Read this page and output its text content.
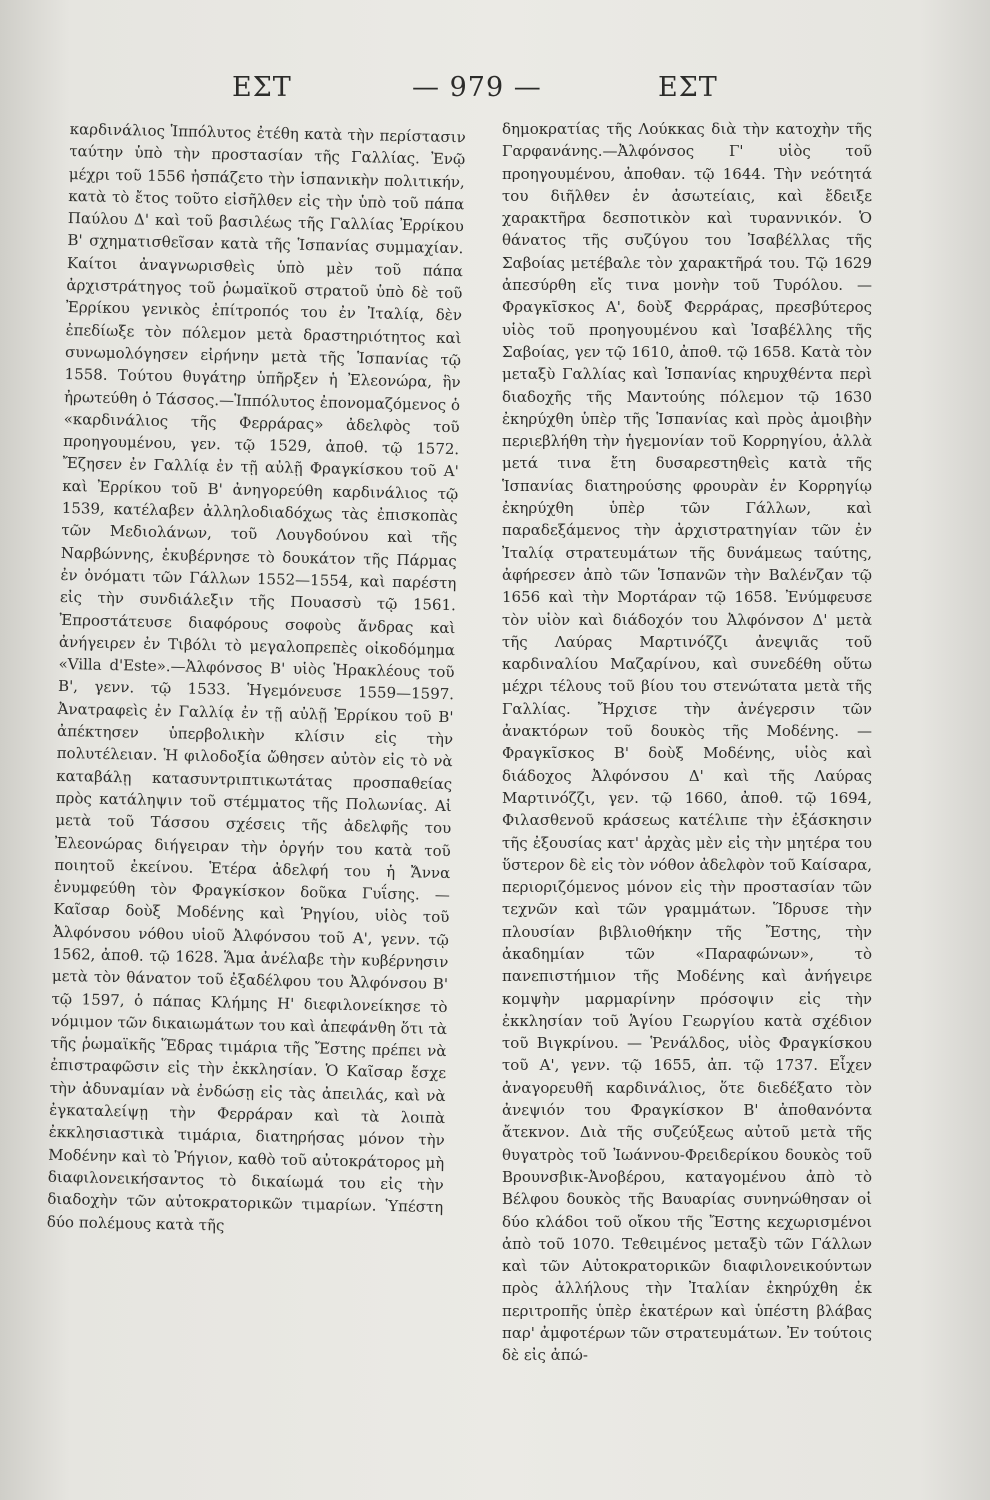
ΕΣΤ	— 979 —	ΕΣΤ

καρδινάλιος Ἱππόλυτος ἐτέθη κατὰ τὴν περίστασιν ταύτην ὑπὸ τὴν προστασίαν τῆς Γαλλίας. Ἐνῷ μέχρι τοῦ 1556 ἠσπάζετο τὴν ἱσπανικὴν πολιτικήν, κατὰ τὸ ἔτος τοῦτο εἰσῆλθεν εἰς τὴν ὑπὸ τοῦ πάπα Παύλου Δ' καὶ τοῦ βασιλέως τῆς Γαλλίας Ἐρρίκου Β' σχηματισθεῖσαν κατὰ τῆς Ἱσπανίας συμμαχίαν. Καίτοι ἀναγνωρισθεὶς ὑπὸ μὲν τοῦ πάπα ἀρχιστράτηγος τοῦ ῥωμαϊκοῦ στρατοῦ ὑπὸ δὲ τοῦ Ἐρρίκου γενικὸς ἐπίτροπός του ἐν Ἰταλίᾳ, δὲν ἐπεδίωξε τὸν πόλεμον μετὰ δραστηριότητος καὶ συνωμολόγησεν εἰρήνην μετὰ τῆς Ἱσπανίας τῷ 1558. Τούτου θυγάτηρ ὑπῆρξεν ἡ Ἐλεονώρα, ἣν ἠρωτεύθη ὁ Τάσσος.—Ἱππόλυτος ἐπονομαζόμενος ὁ «καρδινάλιος τῆς Φερράρας» ἀδελφὸς τοῦ προηγουμένου, γεν. τῷ 1529, ἀποθ. τῷ 1572. Ἔζησεν ἐν Γαλλίᾳ ἐν τῇ αὐλῇ Φραγκίσκου τοῦ Α' καὶ Ἐρρίκου τοῦ Β' ἀνηγορεύθη καρδινάλιος τῷ 1539, κατέλαβεν ἀλληλοδιαδόχως τὰς ἐπισκοπὰς τῶν Μεδιολάνων, τοῦ Λουγδούνου καὶ τῆς Ναρβώννης, ἐκυβέρνησε τὸ δουκάτον τῆς Πάρμας ἐν ὀνόματι τῶν Γάλλων 1552—1554, καὶ παρέστη εἰς τὴν συνδιάλεξιν τῆς Πουασσὺ τῷ 1561. Ἐπροστάτευσε διαφόρους σοφοὺς ἄνδρας καὶ ἀνήγειρεν ἐν Τιβόλι τὸ μεγαλοπρεπὲς οἰκοδόμημα «Villa d'Este».—Ἀλφόνσος Β' υἱὸς Ἡρακλέους τοῦ Β', γενν. τῷ 1533. Ἡγεμόνευσε 1559—1597. Ἀνατραφεὶς ἐν Γαλλίᾳ ἐν τῇ αὐλῇ Ἐρρίκου τοῦ Β' ἀπέκτησεν ὑπερβολικὴν κλίσιν εἰς τὴν πολυτέλειαν. Ἡ φιλοδοξία ὤθησεν αὐτὸν εἰς τὸ νὰ καταβάλῃ κατασυντριπτικωτάτας προσπαθείας πρὸς κατάληψιν τοῦ στέμματος τῆς Πολωνίας. Αἱ μετὰ τοῦ Τάσσου σχέσεις τῆς ἀδελφῆς του Ἐλεονώρας διήγειραν τὴν ὀργήν του κατὰ τοῦ ποιητοῦ ἐκείνου. Ἑτέρα ἀδελφή του ἡ Ἄννα ἐνυμφεύθη τὸν Φραγκίσκον δοῦκα Γυΐσης. — Καῖσαρ δοὺξ Μοδένης καὶ Ῥηγίου, υἱὸς τοῦ Ἀλφόνσου νόθου υἱοῦ Ἀλφόνσου τοῦ Α', γενν. τῷ 1562, ἀποθ. τῷ 1628. Ἅμα ἀνέλαβε τὴν κυβέρνησιν μετὰ τὸν θάνατον τοῦ ἐξαδέλφου του Ἀλφόνσου Β' τῷ 1597, ὁ πάπας Κλήμης Η' διεφιλονείκησε τὸ νόμιμον τῶν δικαιωμάτων του καὶ ἀπεφάνθη ὅτι τὰ τῆς ῥωμαϊκῆς Ἕδρας τιμάρια τῆς Ἔστης πρέπει νὰ ἐπιστραφῶσιν εἰς τὴν ἐκκλησίαν. Ὁ Καῖσαρ ἔσχε τὴν ἀδυναμίαν νὰ ἐνδώσῃ εἰς τὰς ἀπειλάς, καὶ νὰ ἐγκαταλείψῃ τὴν Φερράραν καὶ τὰ λοιπὰ ἐκκλησιαστικὰ τιμάρια, διατηρήσας μόνον τὴν Μοδένην καὶ τὸ Ῥήγιον, καθὸ τοῦ αὐτοκράτορος μὴ διαφιλονεικήσαντος τὸ δικαίωμά του εἰς τὴν διαδοχὴν τῶν αὐτοκρατορικῶν τιμαρίων. Ὑπέστη δύο πολέμους κατὰ τῆς

δημοκρατίας τῆς Λούκκας διὰ τὴν κατοχὴν τῆς Γαρφανάνης.—Ἀλφόνσος Γ' υἱὸς τοῦ προηγουμένου, ἀποθαν. τῷ 1644. Τὴν νεότητά του διῆλθεν ἐν ἀσωτείαις, καὶ ἔδειξε χαρακτῆρα δεσποτικὸν καὶ τυραννικόν. Ὁ θάνατος τῆς συζύγου του Ἰσαβέλλας τῆς Σαβοίας μετέβαλε τὸν χαρακτῆρά του. Τῷ 1629 ἀπεσύρθη εἴς τινα μονὴν τοῦ Τυρόλου. — Φραγκῖσκος Α', δοὺξ Φερράρας, πρεσβύτερος υἱὸς τοῦ προηγουμένου καὶ Ἰσαβέλλης τῆς Σαβοίας, γεν τῷ 1610, ἀποθ. τῷ 1658. Κατὰ τὸν μεταξὺ Γαλλίας καὶ Ἱσπανίας κηρυχθέντα περὶ διαδοχῆς τῆς Μαντούης πόλεμον τῷ 1630 ἐκηρύχθη ὑπὲρ τῆς Ἱσπανίας καὶ πρὸς ἀμοιβὴν περιεβλήθη τὴν ἡγεμονίαν τοῦ Κορρηγίου, ἀλλὰ μετά τινα ἔτη δυσαρεστηθεὶς κατὰ τῆς Ἱσπανίας διατηρούσης φρουρὰν ἐν Κορρηγίῳ ἐκηρύχθη ὑπὲρ τῶν Γάλλων, καὶ παραδεξάμενος τὴν ἀρχιστρατηγίαν τῶν ἐν Ἰταλίᾳ στρατευμάτων τῆς δυνάμεως ταύτης, ἀφήρεσεν ἀπὸ τῶν Ἱσπανῶν τὴν Βαλένζαν τῷ 1656 καὶ τὴν Μορτάραν τῷ 1658. Ἐνύμφευσε τὸν υἱὸν καὶ διάδοχόν του Ἀλφόνσον Δ' μετὰ τῆς Λαύρας Μαρτινόζζι ἀνεψιᾶς τοῦ καρδιναλίου Μαζαρίνου, καὶ συνεδέθη οὕτω μέχρι τέλους τοῦ βίου του στενώτατα μετὰ τῆς Γαλλίας. Ἤρχισε τὴν ἀνέγερσιν τῶν ἀνακτόρων τοῦ δουκὸς τῆς Μοδένης. — Φραγκῖσκος Β' δοὺξ Μοδένης, υἱὸς καὶ διάδοχος Ἀλφόνσου Δ' καὶ τῆς Λαύρας Μαρτινόζζι, γεν. τῷ 1660, ἀποθ. τῷ 1694, Φιλασθενοῦ κράσεως κατέλιπε τὴν ἐξάσκησιν τῆς ἐξουσίας κατ' ἀρχὰς μὲν εἰς τὴν μητέρα του ὕστερον δὲ εἰς τὸν νόθον ἀδελφὸν τοῦ Καίσαρα, περιοριζόμενος μόνον εἰς τὴν προστασίαν τῶν τεχνῶν καὶ τῶν γραμμάτων. Ἵδρυσε τὴν πλουσίαν βιβλιοθήκην τῆς Ἔστης, τὴν ἀκαδημίαν τῶν «Παραφώνων», τὸ πανεπιστήμιον τῆς Μοδένης καὶ ἀνήγειρε κομψὴν μαρμαρίνην πρόσοψιν εἰς τὴν ἐκκλησίαν τοῦ Ἁγίου Γεωργίου κατὰ σχέδιον τοῦ Βιγκρίνου. — Ῥενάλδος, υἱὸς Φραγκίσκου τοῦ Α', γενν. τῷ 1655, ἀπ. τῷ 1737. Εἶχεν ἀναγορευθῆ καρδινάλιος, ὅτε διεδέξατο τὸν ἀνεψιόν του Φραγκίσκον Β' ἀποθανόντα ἄτεκνον. Διὰ τῆς συζεύξεως αὐτοῦ μετὰ τῆς θυγατρὸς τοῦ Ἰωάννου-Φρειδερίκου δουκὸς τοῦ Βρουνσβικ-Ἀνοβέρου, καταγομένου ἀπὸ τὸ Βέλφου δουκὸς τῆς Βαυαρίας συνηνώθησαν οἱ δύο κλάδοι τοῦ οἴκου τῆς Ἔστης κεχωρισμένοι ἀπὸ τοῦ 1070. Τεθειμένος μεταξὺ τῶν Γάλλων καὶ τῶν Αὐτοκρατορικῶν διαφιλονεικούντων πρὸς ἀλλήλους τὴν Ἰταλίαν ἐκηρύχθη ἐκ περιτροπῆς ὑπὲρ ἑκατέρων καὶ ὑπέστη βλάβας παρ' ἀμφοτέρων τῶν στρατευμάτων. Ἐν τούτοις δὲ εἰς ἀπώ-
